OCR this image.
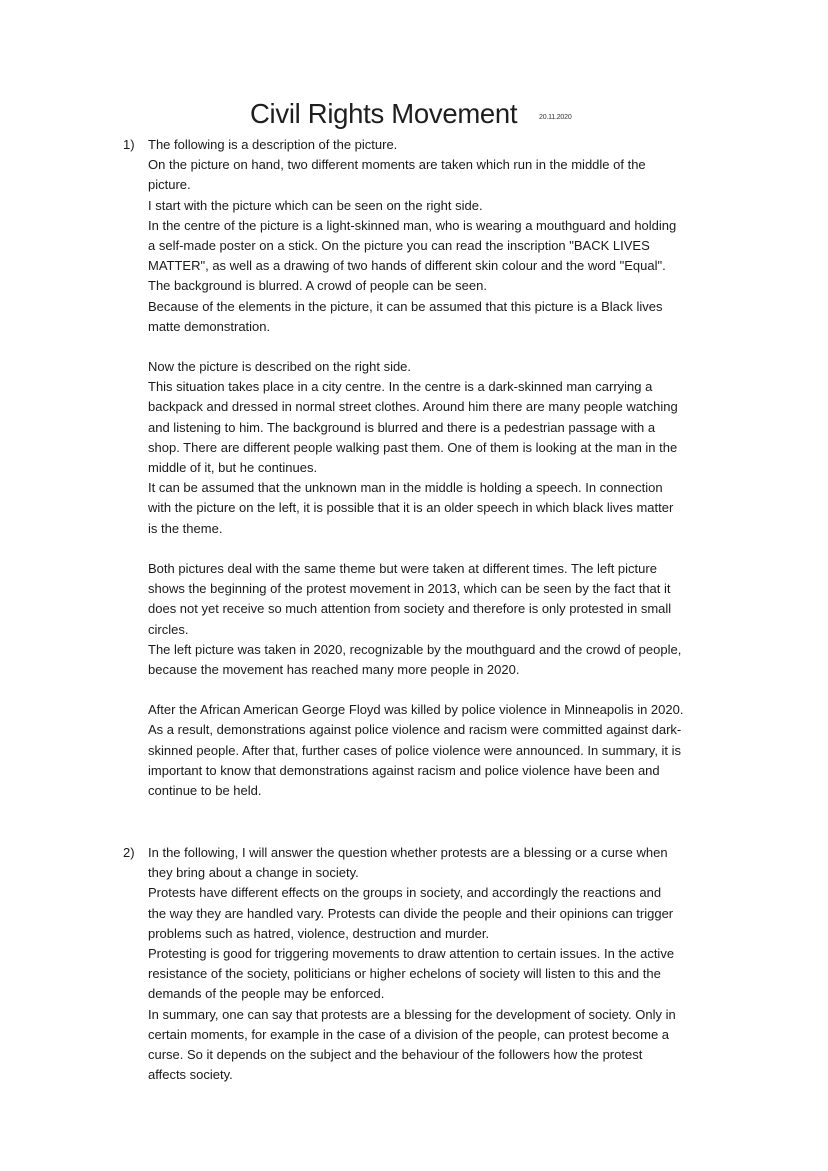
Civil Rights Movement	20.11.2020
1) The following is a description of the picture.
On the picture on hand, two different moments are taken which run in the middle of the
picture.
I start with the picture which can be seen on the right side.
In the centre of the picture is a light-skinned man, who is wearing a mouthguard and holding
a self-made poster on a stick. On the picture you can read the inscription "BACK LIVES
MATTER", as well as a drawing of two hands of different skin colour and the word "Equal".
The background is blurred. A crowd of people can be seen.
Because of the elements in the picture, it can be assumed that this picture is a Black lives
matte demonstration.
Now the picture is described on the right side.
This situation takes place in a city centre. In the centre is a dark-skinned man carrying a
backpack and dressed in normal street clothes. Around him there are many people watching
and listening to him. The background is blurred and there is a pedestrian passage with a
shop. There are different people walking past them. One of them is looking at the man in the
middle of it, but he continues.
It can be assumed that the unknown man in the middle is holding a speech. In connection
with the picture on the left, it is possible that it is an older speech in which black lives matter
is the theme.
Both pictures deal with the same theme but were taken at different times. The left picture
shows the beginning of the protest movement in 2013, which can be seen by the fact that it
does not yet receive so much attention from society and therefore is only protested in small
circles.
The left picture was taken in 2020, recognizable by the mouthguard and the crowd of people,
because the movement has reached many more people in 2020.
After the African American George Floyd was killed by police violence in Minneapolis in 2020.
As a result, demonstrations against police violence and racism were committed against dark-
skinned people. After that, further cases of police violence were announced. In summary, it is
important to know that demonstrations against racism and police violence have been and
continue to be held.
2) In the following, I will answer the question whether protests are a blessing or a curse when
they bring about a change in society.
Protests have different effects on the groups in society, and accordingly the reactions and
the way they are handled vary. Protests can divide the people and their opinions can trigger
problems such as hatred, violence, destruction and murder.
Protesting is good for triggering movements to draw attention to certain issues. In the active
resistance of the society, politicians or higher echelons of society will listen to this and the
demands of the people may be enforced.
In summary, one can say that protests are a blessing for the development of society. Only in
certain moments, for example in the case of a division of the people, can protest become a
curse. So it depends on the subject and the behaviour of the followers how the protest
affects society.
